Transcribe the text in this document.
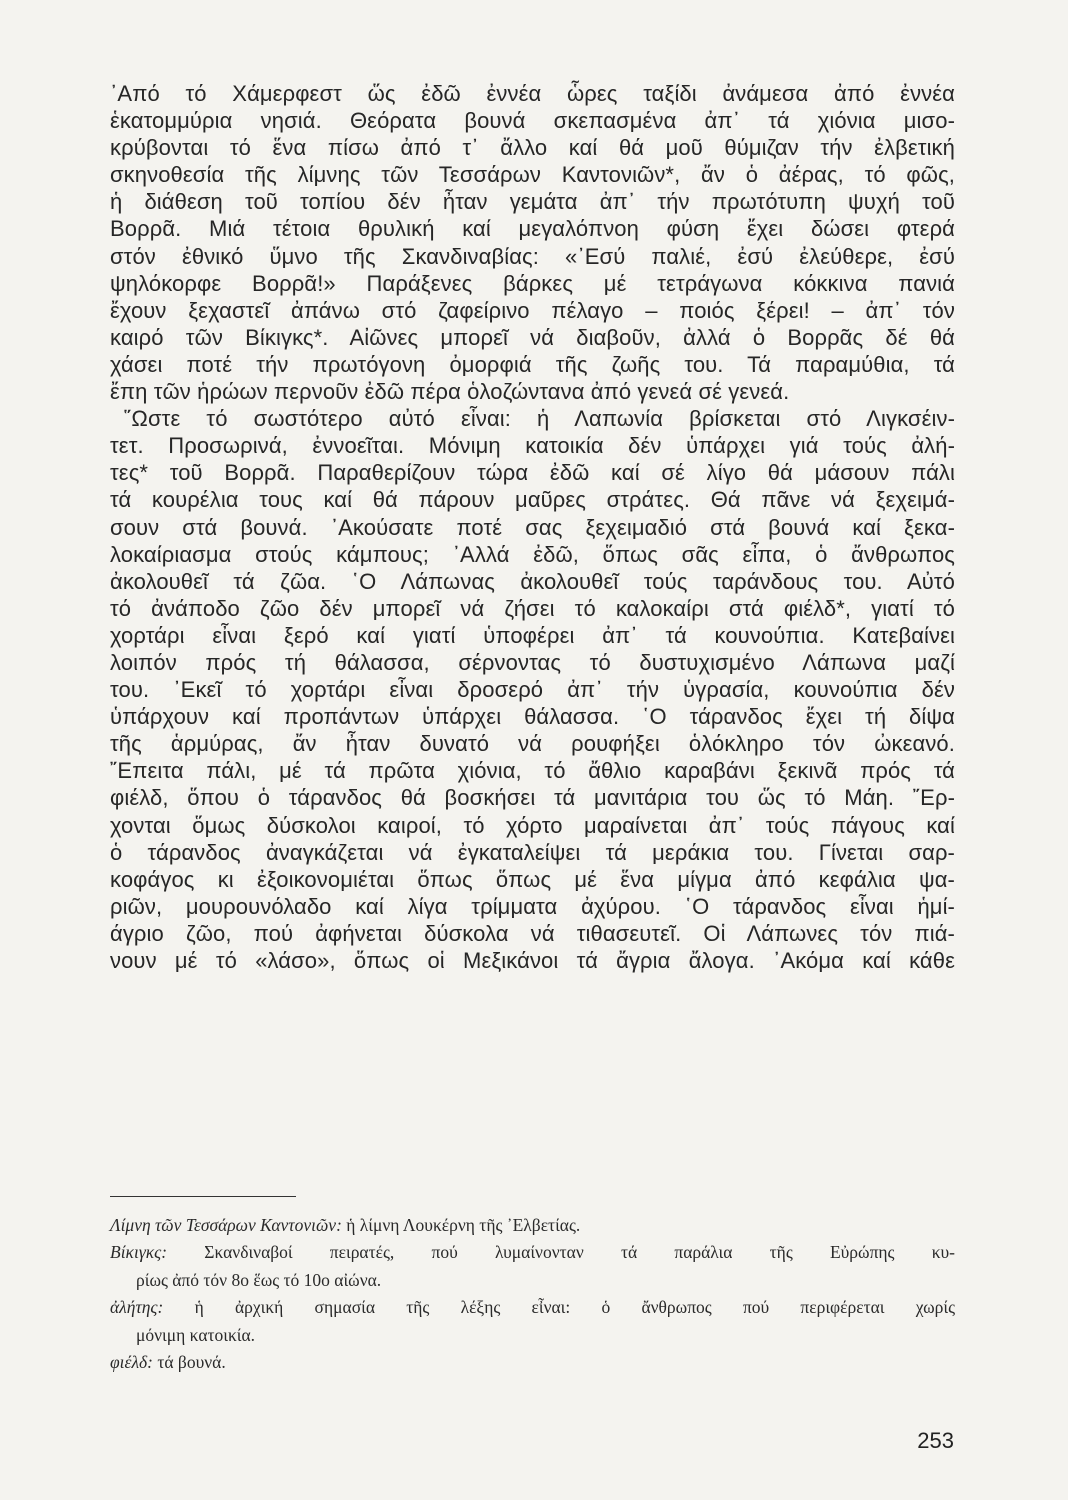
᾽Από τό Χάμερφεστ ὥς ἐδῶ ἐννέα ὧρες ταξίδι ἀνάμεσα ἀπό ἐννέα
ἑκατομμύρια νησιά. Θεόρατα βουνά σκεπασμένα ἀπ᾽ τά χιόνια μισο-
κρύβονται τό ἕνα πίσω ἀπό τ᾽ ἄλλο καί θά μοῦ θύμιζαν τήν ἐλβετική
σκηνοθεσία τῆς λίμνης τῶν Τεσσάρων Καντονιῶν*, ἄν ὁ ἀέρας, τό φῶς,
ἡ διάθεση τοῦ τοπίου δέν ἦταν γεμάτα ἀπ᾽ τήν πρωτότυπη ψυχή τοῦ
Βορρᾶ. Μιά τέτοια θρυλική καί μεγαλόπνοη φύση ἔχει δώσει φτερά
στόν ἐθνικό ὕμνο τῆς Σκανδιναβίας: «᾽Εσύ παλιέ, ἐσύ ἐλεύθερε, ἐσύ
ψηλόκορφε Βορρᾶ!» Παράξενες βάρκες μέ τετράγωνα κόκκινα πανιά
ἔχουν ξεχαστεῖ ἀπάνω στό ζαφείρινο πέλαγο – ποιός ξέρει! – ἀπ᾽ τόν
καιρό τῶν Βίκιγκς*. Αἰῶνες μπορεῖ νά διαβοῦν, ἀλλά ὁ Βορρᾶς δέ θά
χάσει ποτέ τήν πρωτόγονη ὀμορφιά τῆς ζωῆς του. Τά παραμύθια, τά
ἔπη τῶν ἡρώων περνοῦν ἐδῶ πέρα ὁλοζώντανα ἀπό γενεά σέ γενεά.
῞Ωστε τό σωστότερο αὐτό εἶναι: ἡ Λαπωνία βρίσκεται στό Λιγκσέιν-
τετ. Προσωρινά, ἐννοεῖται. Μόνιμη κατοικία δέν ὑπάρχει γιά τούς ἀλή-
τες* τοῦ Βορρᾶ. Παραθερίζουν τώρα ἐδῶ καί σέ λίγο θά μάσουν πάλι
τά κουρέλια τους καί θά πάρουν μαῦρες στράτες. Θά πᾶνε νά ξεχειμά-
σουν στά βουνά. ᾽Ακούσατε ποτέ σας ξεχειμαδιό στά βουνά καί ξεκα-
λοκαίριασμα στούς κάμπους; ᾽Αλλά ἐδῶ, ὅπως σᾶς εἶπα, ὁ ἄνθρωπος
ἀκολουθεῖ τά ζῶα. ῾Ο Λάπωνας ἀκολουθεῖ τούς ταράνδους του. Αὐτό
τό ἀνάποδο ζῶο δέν μπορεῖ νά ζήσει τό καλοκαίρι στά φιέλδ*, γιατί τό
χορτάρι εἶναι ξερό καί γιατί ὑποφέρει ἀπ᾽ τά κουνούπια. Κατεβαίνει
λοιπόν πρός τή θάλασσα, σέρνοντας τό δυστυχισμένο Λάπωνα μαζί
του. ᾽Εκεῖ τό χορτάρι εἶναι δροσερό ἀπ᾽ τήν ὑγρασία, κουνούπια δέν
ὑπάρχουν καί προπάντων ὑπάρχει θάλασσα. ῾Ο τάρανδος ἔχει τή δίψα
τῆς ἁρμύρας, ἄν ἦταν δυνατό νά ρουφήξει ὁλόκληρο τόν ὠκεανό.
῎Επειτα πάλι, μέ τά πρῶτα χιόνια, τό ἄθλιο καραβάνι ξεκινᾶ πρός τά
φιέλδ, ὅπου ὁ τάρανδος θά βοσκήσει τά μανιτάρια του ὥς τό Μάη. ῎Ερ-
χονται ὅμως δύσκολοι καιροί, τό χόρτο μαραίνεται ἀπ᾽ τούς πάγους καί
ὁ τάρανδος ἀναγκάζεται νά ἐγκαταλείψει τά μεράκια του. Γίνεται σαρ-
κοφάγος κι ἐξοικονομιέται ὅπως ὅπως μέ ἕνα μίγμα ἀπό κεφάλια ψα-
ριῶν, μουρουνόλαδο καί λίγα τρίμματα ἀχύρου. ῾Ο τάρανδος εἶναι ἡμί-
άγριο ζῶο, πού ἀφήνεται δύσκολα νά τιθασευτεῖ. Οἱ Λάπωνες τόν πιά-
νουν μέ τό «λάσο», ὅπως οἱ Μεξικάνοι τά ἄγρια ἄλογα. ᾽Ακόμα καί κάθε
Λίμνη τῶν Τεσσάρων Καντονιῶν: ἡ λίμνη Λουκέρνη τῆς ᾽Ελβετίας.
Βίκιγκς: Σκανδιναβοί πειρατές, πού λυμαίνονταν τά παράλια τῆς Εὐρώπης κυ-
ρίως ἀπό τόν 8ο ἕως τό 10ο αἰώνα.
ἀλήτης: ἡ ἀρχική σημασία τῆς λέξης εἶναι: ὁ ἄνθρωπος πού περιφέρεται χωρίς
μόνιμη κατοικία.
φιέλδ: τά βουνά.
253
